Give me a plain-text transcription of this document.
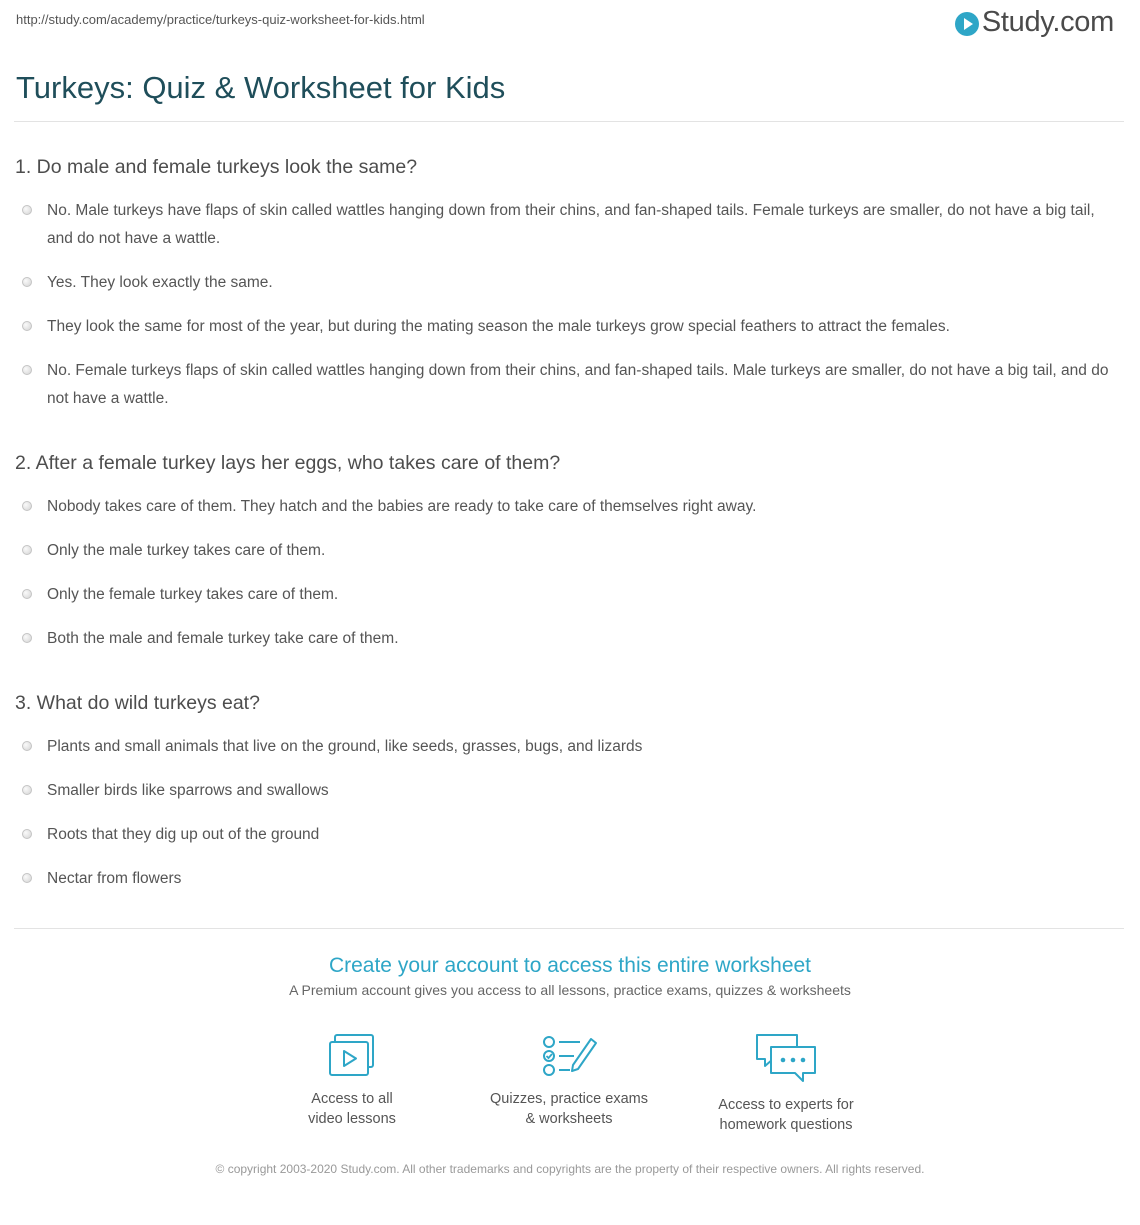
http://study.com/academy/practice/turkeys-quiz-worksheet-for-kids.html	Study.com
Turkeys: Quiz & Worksheet for Kids
1. Do male and female turkeys look the same?
No. Male turkeys have flaps of skin called wattles hanging down from their chins, and fan-shaped tails. Female turkeys are smaller, do not have a big tail, and do not have a wattle.
Yes. They look exactly the same.
They look the same for most of the year, but during the mating season the male turkeys grow special feathers to attract the females.
No. Female turkeys flaps of skin called wattles hanging down from their chins, and fan-shaped tails. Male turkeys are smaller, do not have a big tail, and do not have a wattle.
2. After a female turkey lays her eggs, who takes care of them?
Nobody takes care of them. They hatch and the babies are ready to take care of themselves right away.
Only the male turkey takes care of them.
Only the female turkey takes care of them.
Both the male and female turkey take care of them.
3. What do wild turkeys eat?
Plants and small animals that live on the ground, like seeds, grasses, bugs, and lizards
Smaller birds like sparrows and swallows
Roots that they dig up out of the ground
Nectar from flowers
Create your account to access this entire worksheet
A Premium account gives you access to all lessons, practice exams, quizzes & worksheets
Access to all
video lessons
Quizzes, practice exams
& worksheets
Access to experts for
homework questions
© copyright 2003-2020 Study.com. All other trademarks and copyrights are the property of their respective owners. All rights reserved.
